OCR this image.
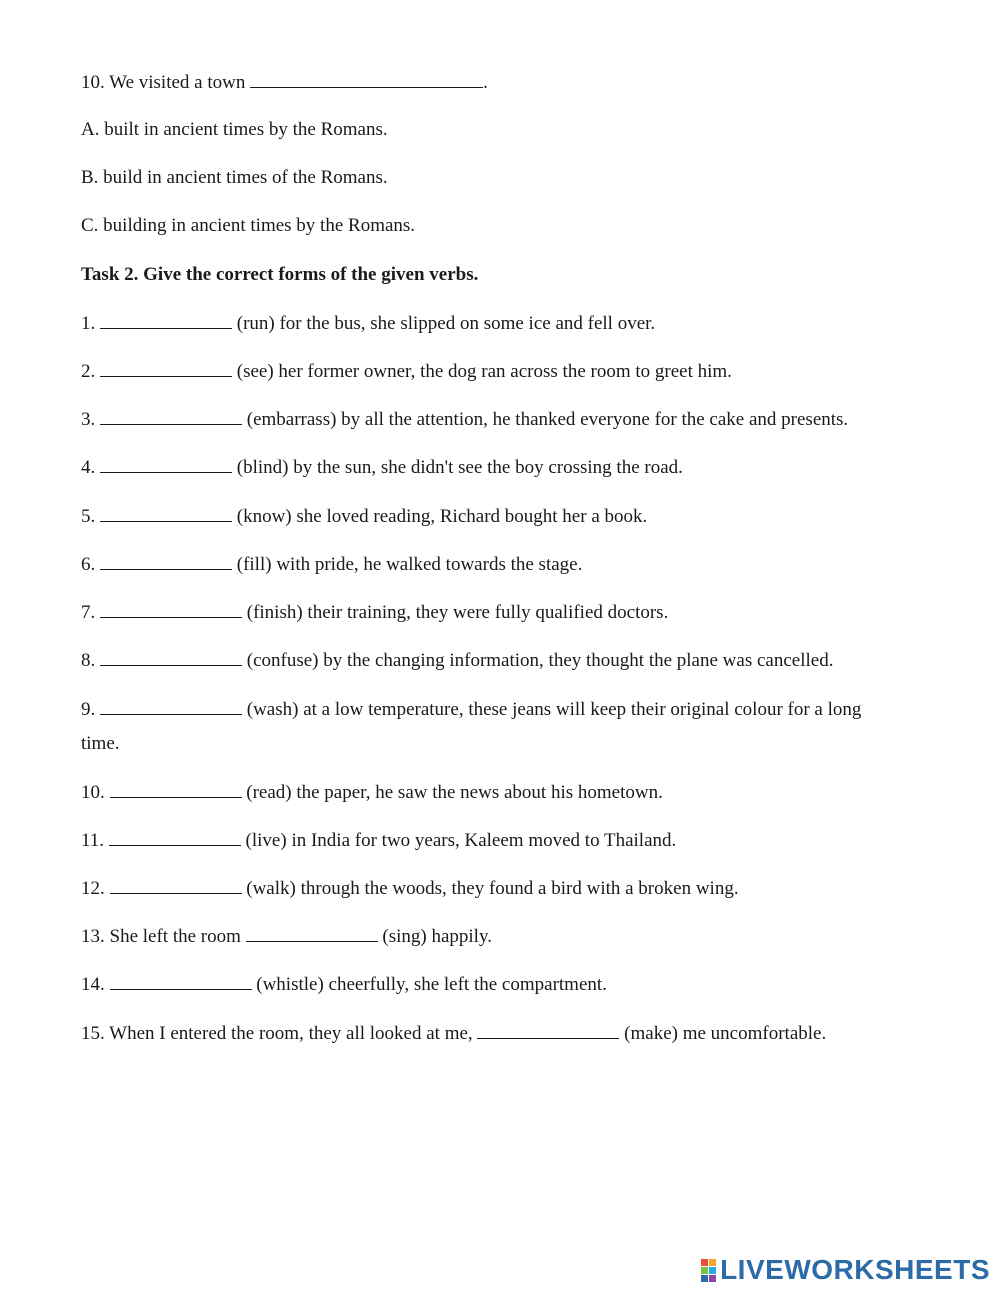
10. We visited a town	.
A. built in ancient times by the Romans.
B. build in ancient times of the Romans.
C. building in ancient times by the Romans.
Task 2. Give the correct forms of the given verbs.
1.	(run) for the bus, she slipped on some ice and fell over.
2.	(see) her former owner, the dog ran across the room to greet him.
3.	(embarrass) by all the attention, he thanked everyone for the cake and presents.
4.	(blind) by the sun, she didn't see the boy crossing the road.
5.	(know) she loved reading, Richard bought her a book.
6.	(fill) with pride, he walked towards the stage.
7.	(finish) their training, they were fully qualified doctors.
8.	(confuse) by the changing information, they thought the plane was cancelled.
9.	(wash) at a low temperature, these jeans will keep their original colour for a long
time.
10.	(read) the paper, he saw the news about his hometown.
11.	(live) in India for two years, Kaleem moved to Thailand.
12.	(walk) through the woods, they found a bird with a broken wing.
13. She left the room	(sing) happily.
14.	(whistle) cheerfully, she left the compartment.
15. When I entered the room, they all looked at me,	(make) me uncomfortable.
LIVEWORKSHEETS
